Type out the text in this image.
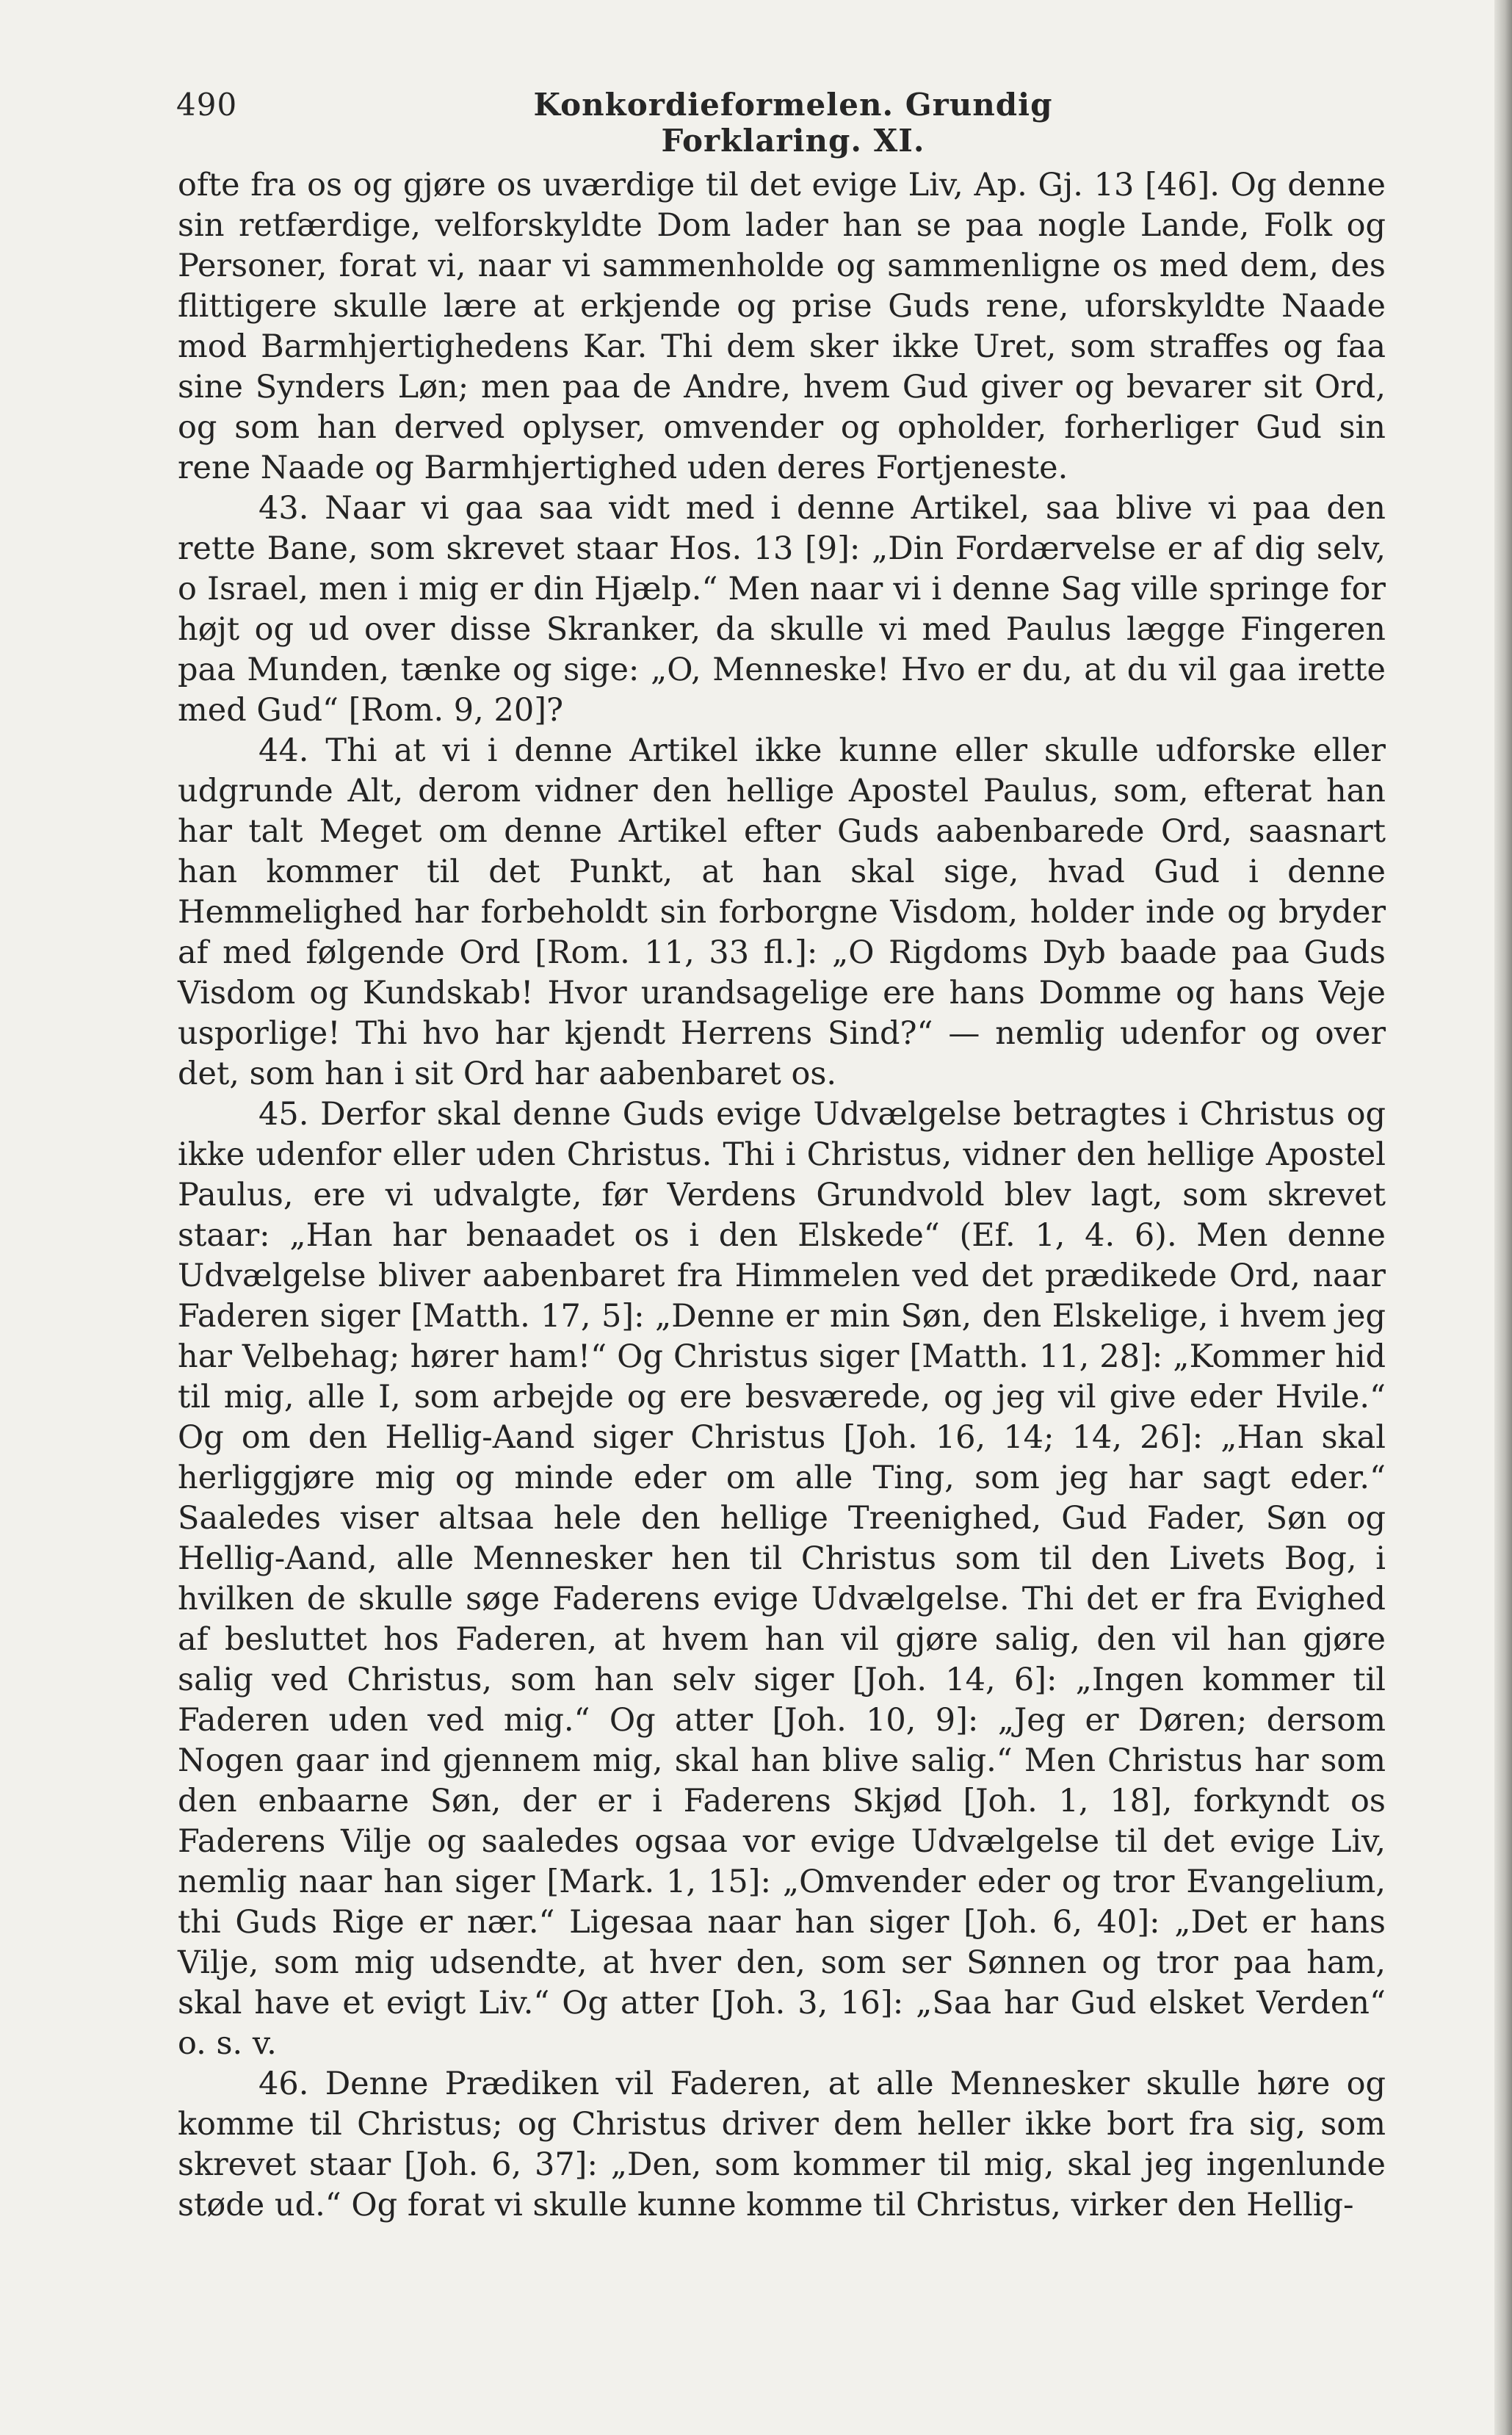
490	Konkordieformelen. Grundig Forklaring. XI.

ofte fra os og gjøre os uværdige til det evige Liv, Ap. Gj. 13 [46]. Og denne sin retfærdige, velforskyldte Dom lader han se paa nogle Lande, Folk og Personer, forat vi, naar vi sammenholde og sammenligne os med dem, des flittigere skulle lære at erkjende og prise Guds rene, uforskyldte Naade mod Barmhjertighedens Kar. Thi dem sker ikke Uret, som straffes og faa sine Synders Løn; men paa de Andre, hvem Gud giver og bevarer sit Ord, og som han derved oplyser, omvender og opholder, forherliger Gud sin rene Naade og Barmhjertighed uden deres Fortjeneste.

43. Naar vi gaa saa vidt med i denne Artikel, saa blive vi paa den rette Bane, som skrevet staar Hos. 13 [9]: „Din Fordærvelse er af dig selv, o Israel, men i mig er din Hjælp.“ Men naar vi i denne Sag ville springe for højt og ud over disse Skranker, da skulle vi med Paulus lægge Fingeren paa Munden, tænke og sige: „O, Menneske! Hvo er du, at du vil gaa irette med Gud“ [Rom. 9, 20]?

44. Thi at vi i denne Artikel ikke kunne eller skulle udforske eller udgrunde Alt, derom vidner den hellige Apostel Paulus, som, efterat han har talt Meget om denne Artikel efter Guds aabenbarede Ord, saasnart han kommer til det Punkt, at han skal sige, hvad Gud i denne Hemmelighed har forbeholdt sin forborgne Visdom, holder inde og bryder af med følgende Ord [Rom. 11, 33 fl.]: „O Rigdoms Dyb baade paa Guds Visdom og Kundskab! Hvor urandsagelige ere hans Domme og hans Veje usporlige! Thi hvo har kjendt Herrens Sind?“ — nemlig udenfor og over det, som han i sit Ord har aabenbaret os.

45. Derfor skal denne Guds evige Udvælgelse betragtes i Christus og ikke udenfor eller uden Christus. Thi i Christus, vidner den hellige Apostel Paulus, ere vi udvalgte, før Verdens Grundvold blev lagt, som skrevet staar: „Han har benaadet os i den Elskede“ (Ef. 1, 4. 6). Men denne Udvælgelse bliver aabenbaret fra Himmelen ved det prædikede Ord, naar Faderen siger [Matth. 17, 5]: „Denne er min Søn, den Elskelige, i hvem jeg har Velbehag; hører ham!“ Og Christus siger [Matth. 11, 28]: „Kommer hid til mig, alle I, som arbejde og ere besværede, og jeg vil give eder Hvile.“ Og om den Hellig-Aand siger Christus [Joh. 16, 14; 14, 26]: „Han skal herliggjøre mig og minde eder om alle Ting, som jeg har sagt eder.“ Saaledes viser altsaa hele den hellige Treenighed, Gud Fader, Søn og Hellig-Aand, alle Mennesker hen til Christus som til den Livets Bog, i hvilken de skulle søge Faderens evige Udvælgelse. Thi det er fra Evighed af besluttet hos Faderen, at hvem han vil gjøre salig, den vil han gjøre salig ved Christus, som han selv siger [Joh. 14, 6]: „Ingen kommer til Faderen uden ved mig.“ Og atter [Joh. 10, 9]: „Jeg er Døren; dersom Nogen gaar ind gjennem mig, skal han blive salig.“ Men Christus har som den enbaarne Søn, der er i Faderens Skjød [Joh. 1, 18], forkyndt os Faderens Vilje og saaledes ogsaa vor evige Udvælgelse til det evige Liv, nemlig naar han siger [Mark. 1, 15]: „Omvender eder og tror Evangelium, thi Guds Rige er nær.“ Ligesaa naar han siger [Joh. 6, 40]: „Det er hans Vilje, som mig udsendte, at hver den, som ser Sønnen og tror paa ham, skal have et evigt Liv.“ Og atter [Joh. 3, 16]: „Saa har Gud elsket Verden“ o. s. v.

46. Denne Prædiken vil Faderen, at alle Mennesker skulle høre og komme til Christus; og Christus driver dem heller ikke bort fra sig, som skrevet staar [Joh. 6, 37]: „Den, som kommer til mig, skal jeg ingenlunde støde ud.“ Og forat vi skulle kunne komme til Christus, virker den Hellig-
